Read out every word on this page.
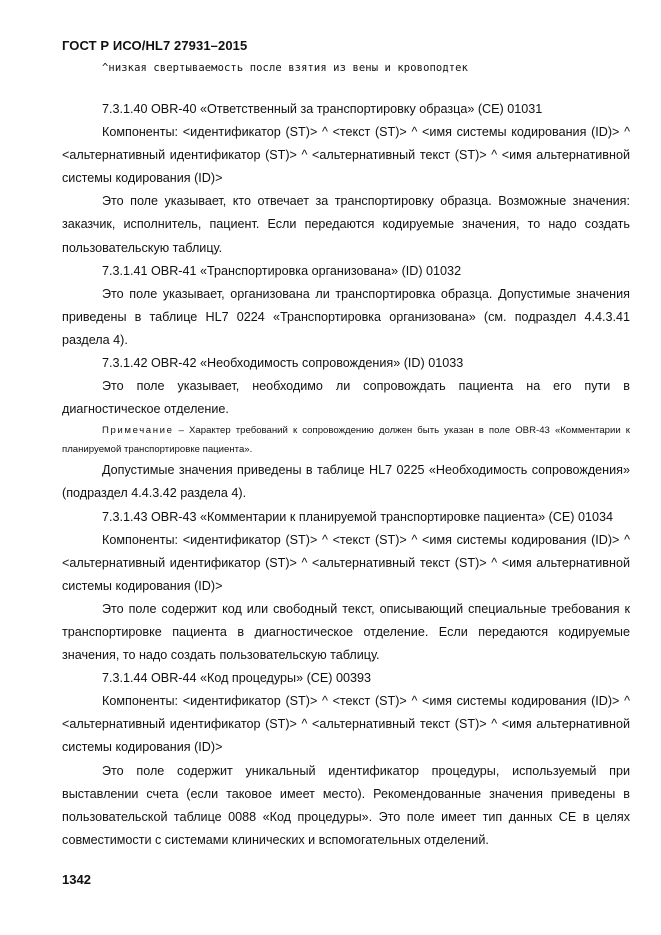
ГОСТ Р ИСО/HL7 27931–2015
^низкая свертываемость после взятия из вены и кровоподтек

7.3.1.40 OBR-40 «Ответственный за транспортировку образца» (CE) 01031

Компоненты: <идентификатор (ST)> ^ <текст (ST)> ^ <имя системы кодирования (ID)> ^ <альтернативный идентификатор (ST)> ^ <альтернативный текст (ST)> ^ <имя альтернативной системы кодирования (ID)>

Это поле указывает, кто отвечает за транспортировку образца. Возможные значения: заказчик, исполнитель, пациент. Если передаются кодируемые значения, то надо создать пользовательскую таблицу.

7.3.1.41 OBR-41 «Транспортировка организована» (ID) 01032

Это поле указывает, организована ли транспортировка образца. Допустимые значения приведены в таблице HL7 0224 «Транспортировка организована» (см. подраздел 4.4.3.41 раздела 4).

7.3.1.42 OBR-42 «Необходимость сопровождения» (ID) 01033

Это поле указывает, необходимо ли сопровождать пациента на его пути в диагностическое отделение.

Примечание – Характер требований к сопровождению должен быть указан в поле OBR-43 «Комментарии к планируемой транспортировке пациента».

Допустимые значения приведены в таблице HL7 0225 «Необходимость сопровождения» (подраздел 4.4.3.42 раздела 4).

7.3.1.43 OBR-43 «Комментарии к планируемой транспортировке пациента» (CE) 01034

Компоненты: <идентификатор (ST)> ^ <текст (ST)> ^ <имя системы кодирования (ID)> ^ <альтернативный идентификатор (ST)> ^ <альтернативный текст (ST)> ^ <имя альтернативной системы кодирования (ID)>

Это поле содержит код или свободный текст, описывающий специальные требования к транспортировке пациента в диагностическое отделение. Если передаются кодируемые значения, то надо создать пользовательскую таблицу.

7.3.1.44 OBR-44 «Код процедуры» (CE) 00393

Компоненты: <идентификатор (ST)> ^ <текст (ST)> ^ <имя системы кодирования (ID)> ^ <альтернативный идентификатор (ST)> ^ <альтернативный текст (ST)> ^ <имя альтернативной системы кодирования (ID)>

Это поле содержит уникальный идентификатор процедуры, используемый при выставлении счета (если таковое имеет место). Рекомендованные значения приведены в пользовательской таблице 0088 «Код процедуры». Это поле имеет тип данных CE в целях совместимости с системами клинических и вспомогательных отделений.

1342
